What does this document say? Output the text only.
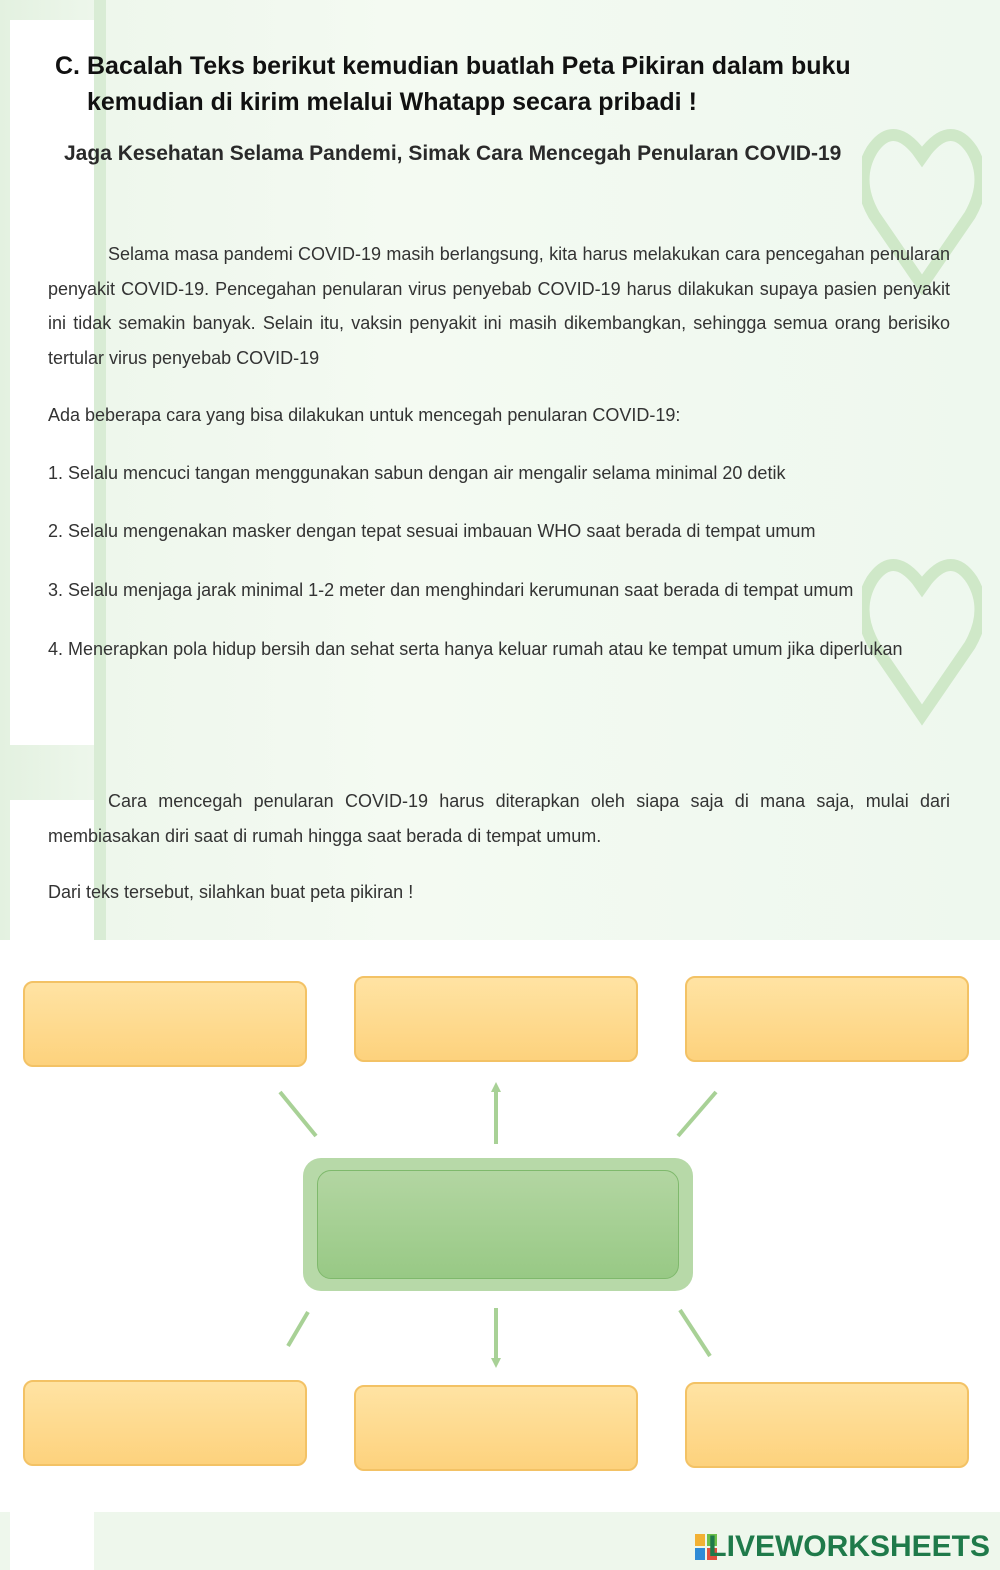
C. Bacalah Teks berikut kemudian buatlah Peta Pikiran dalam buku kemudian di kirim melalui Whatapp secara pribadi !
Jaga Kesehatan Selama Pandemi, Simak Cara Mencegah Penularan COVID-19
Selama masa pandemi COVID-19 masih berlangsung, kita harus melakukan cara pencegahan penularan penyakit COVID-19. Pencegahan penularan virus penyebab COVID-19 harus dilakukan supaya pasien penyakit ini tidak semakin banyak. Selain itu, vaksin penyakit ini masih dikembangkan, sehingga semua orang berisiko tertular virus penyebab COVID-19
Ada beberapa cara yang bisa dilakukan untuk mencegah penularan COVID-19:
1. Selalu mencuci tangan menggunakan sabun dengan air mengalir selama minimal 20 detik
2. Selalu mengenakan masker dengan tepat sesuai imbauan WHO saat berada di tempat umum
3. Selalu menjaga jarak minimal 1-2 meter dan menghindari kerumunan saat berada di tempat umum
4. Menerapkan pola hidup bersih dan sehat serta hanya keluar rumah atau ke tempat umum jika diperlukan
Cara mencegah penularan COVID-19 harus diterapkan oleh siapa saja di mana saja, mulai dari membiasakan diri saat di rumah hingga saat berada di tempat umum.
Dari teks tersebut, silahkan buat peta pikiran !
LIVEWORKSHEETS
